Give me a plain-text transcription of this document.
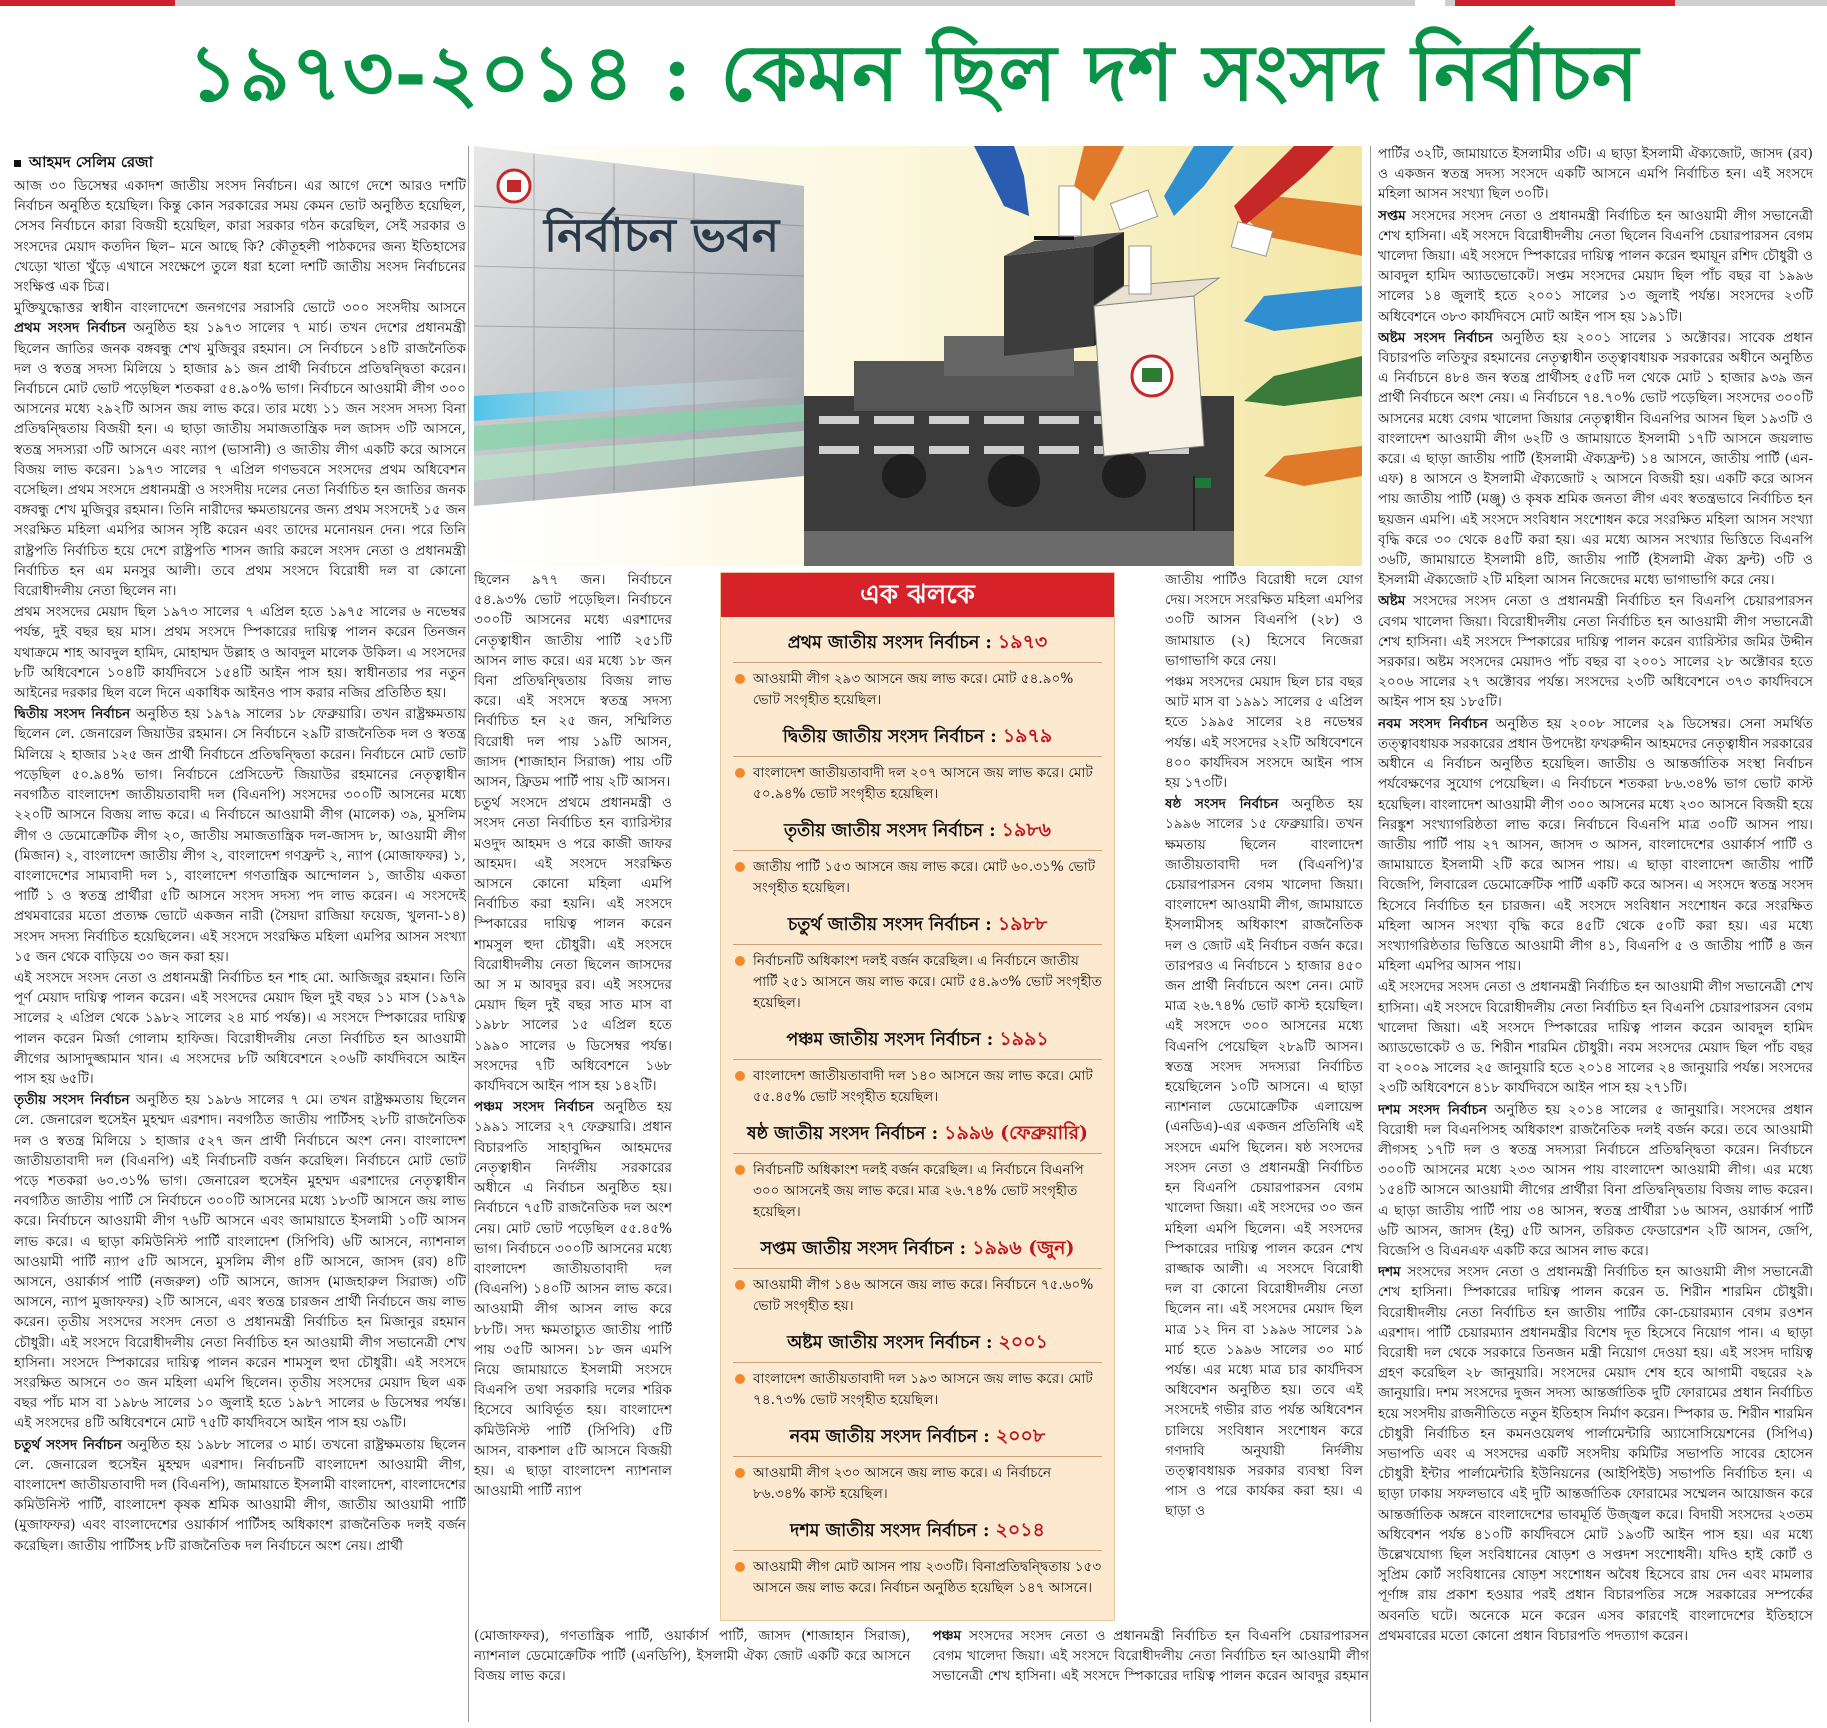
১৯৭৩-২০১৪ : কেমন ছিল দশ সংসদ নির্বাচন
আহমদ সেলিম রেজা

আজ ৩০ ডিসেম্বর একাদশ জাতীয় সংসদ নির্বাচন। এর আগে দেশে আরও দশটি নির্বাচন অনুষ্ঠিত হয়েছিল। কিন্তু কোন সরকারের সময় কেমন ভোট অনুষ্ঠিত হয়েছিল, সেসব নির্বাচনে কারা বিজয়ী হয়েছিল, কারা সরকার গঠন করেছিল, সেই সরকার ও সংসদের মেয়াদ কতদিন ছিল– মনে আছে কি? কৌতূহলী পাঠকদের জন্য ইতিহাসের খেড়ো খাতা খুঁড়ে এখানে সংক্ষেপে তুলে ধরা হলো দশটি জাতীয় সংসদ নির্বাচনের সংক্ষিপ্ত এক চিত্র।

মুক্তিযুদ্ধোত্তর স্বাধীন বাংলাদেশে জনগণের সরাসরি ভোটে ৩০০ সংসদীয় আসনে প্রথম সংসদ নির্বাচন অনুষ্ঠিত হয় ১৯৭৩ সালের ৭ মার্চ। তখন দেশের প্রধানমন্ত্রী ছিলেন জাতির জনক বঙ্গবন্ধু শেখ মুজিবুর রহমান। সে নির্বাচনে ১৪টি রাজনৈতিক দল ও স্বতন্ত্র সদস্য মিলিয়ে ১ হাজার ৯১ জন প্রার্থী নির্বাচনে প্রতিদ্বন্দ্বিতা করেন। নির্বাচনে মোট ভোট পড়েছিল শতকরা ৫৪.৯০% ভাগ। নির্বাচনে আওয়ামী লীগ ৩০০ আসনের মধ্যে ২৯২টি আসন জয় লাভ করে। তার মধ্যে ১১ জন সংসদ সদস্য বিনা প্রতিদ্বন্দ্বিতায় বিজয়ী হন। এ ছাড়া জাতীয় সমাজতান্ত্রিক দল জাসদ ৩টি আসনে, স্বতন্ত্র সদস্যরা ৩টি আসনে এবং ন্যাপ (ভাসানী) ও জাতীয় লীগ একটি করে আসনে বিজয় লাভ করেন। ১৯৭৩ সালের ৭ এপ্রিল গণভবনে সংসদের প্রথম অধিবেশন বসেছিল। প্রথম সংসদে প্রধানমন্ত্রী ও সংসদীয় দলের নেতা নির্বাচিত হন জাতির জনক বঙ্গবন্ধু শেখ মুজিবুর রহমান। তিনি নারীদের ক্ষমতায়নের জন্য প্রথম সংসদেই ১৫ জন সংরক্ষিত মহিলা এমপির আসন সৃষ্টি করেন এবং তাদের মনোনয়ন দেন। পরে তিনি রাষ্ট্রপতি নির্বাচিত হয়ে দেশে রাষ্ট্রপতি শাসন জারি করলে সংসদ নেতা ও প্রধানমন্ত্রী নির্বাচিত হন এম মনসুর আলী। তবে প্রথম সংসদে বিরোধী দল বা কোনো বিরোধীদলীয় নেতা ছিলেন না।

প্রথম সংসদের মেয়াদ ছিল ১৯৭৩ সালের ৭ এপ্রিল হতে ১৯৭৫ সালের ৬ নভেম্বর পর্যন্ত, দুই বছর ছয় মাস। প্রথম সংসদে স্পিকারের দায়িত্ব পালন করেন তিনজন যথাক্রমে শাহ আবদুল হামিদ, মোহাম্মদ উল্লাহ ও আবদুল মালেক উকিল। এ সংসদের ৮টি অধিবেশনে ১০৪টি কার্যদিবসে ১৫৪টি আইন পাস হয়। স্বাধীনতার পর নতুন আইনের দরকার ছিল বলে দিনে একাধিক আইনও পাস করার নজির প্রতিষ্ঠিত হয়।

দ্বিতীয় সংসদ নির্বাচন অনুষ্ঠিত হয় ১৯৭৯ সালের ১৮ ফেব্রুয়ারি। তখন রাষ্ট্রক্ষমতায় ছিলেন লে. জেনারেল জিয়াউর রহমান। সে নির্বাচনে ২৯টি রাজনৈতিক দল ও স্বতন্ত্র মিলিয়ে ২ হাজার ১২৫ জন প্রার্থী নির্বাচনে প্রতিদ্বন্দ্বিতা করেন। নির্বাচনে মোট ভোট পড়েছিল ৫০.৯৪% ভাগ। নির্বাচনে প্রেসিডেন্ট জিয়াউর রহমানের নেতৃত্বাধীন নবগঠিত বাংলাদেশ জাতীয়তাবাদী দল (বিএনপি) সংসদের ৩০০টি আসনের মধ্যে ২২০টি আসনে বিজয় লাভ করে। এ নির্বাচনে আওয়ামী লীগ (মালেক) ৩৯, মুসলিম লীগ ও ডেমোক্রেটিক লীগ ২০, জাতীয় সমাজতান্ত্রিক দল-জাসদ ৮, আওয়ামী লীগ (মিজান) ২, বাংলাদেশ জাতীয় লীগ ২, বাংলাদেশ গণফ্রন্ট ২, ন্যাপ (মোজাফফর) ১, বাংলাদেশের সাম্যবাদী দল ১, বাংলাদেশ গণতান্ত্রিক আন্দোলন ১, জাতীয় একতা পার্টি ১ ও স্বতন্ত্র প্রার্থীরা ৫টি আসনে সংসদ সদস্য পদ লাভ করেন। এ সংসদেই প্রথমবারের মতো প্রত্যক্ষ ভোটে একজন নারী (সৈয়দা রাজিয়া ফয়েজ, খুলনা-১৪) সংসদ সদস্য নির্বাচিত হয়েছিলেন। এই সংসদে সংরক্ষিত মহিলা এমপির আসন সংখ্যা ১৫ জন থেকে বাড়িয়ে ৩০ জন করা হয়।

এই সংসদে সংসদ নেতা ও প্রধানমন্ত্রী নির্বাচিত হন শাহ মো. আজিজুর রহমান। তিনি পূর্ণ মেয়াদ দায়িত্ব পালন করেন। এই সংসদের মেয়াদ ছিল দুই বছর ১১ মাস (১৯৭৯ সালের ২ এপ্রিল থেকে ১৯৮২ সালের ২৪ মার্চ পর্যন্ত)। এ সংসদে স্পিকারের দায়িত্ব পালন করেন মির্জা গোলাম হাফিজ। বিরোধীদলীয় নেতা নির্বাচিত হন আওয়ামী লীগের আসাদুজ্জামান খান। এ সংসদের ৮টি অধিবেশনে ২০৬টি কার্যদিবসে আইন পাস হয় ৬৫টি।

তৃতীয় সংসদ নির্বাচন অনুষ্ঠিত হয় ১৯৮৬ সালের ৭ মে। তখন রাষ্ট্রক্ষমতায় ছিলেন লে. জেনারেল হুসেইন মুহম্মদ এরশাদ। নবগঠিত জাতীয় পার্টিসহ ২৮টি রাজনৈতিক দল ও স্বতন্ত্র মিলিয়ে ১ হাজার ৫২৭ জন প্রার্থী নির্বাচনে অংশ নেন। বাংলাদেশ জাতীয়তাবাদী দল (বিএনপি) এই নির্বাচনটি বর্জন করেছিল। নির্বাচনে মোট ভোট পড়ে শতকরা ৬০.৩১% ভাগ। জেনারেল হুসেইন মুহম্মদ এরশাদের নেতৃত্বাধীন নবগঠিত জাতীয় পার্টি সে নির্বাচনে ৩০০টি আসনের মধ্যে ১৮৩টি আসনে জয় লাভ করে। নির্বাচনে আওয়ামী লীগ ৭৬টি আসনে এবং জামায়াতে ইসলামী ১০টি আসন লাভ করে। এ ছাড়া কমিউনিস্ট পার্টি বাংলাদেশ (সিপিবি) ৬টি আসনে, ন্যাশনাল আওয়ামী পার্টি ন্যাপ ৫টি আসনে, মুসলিম লীগ ৪টি আসনে, জাসদ (রব) ৪টি আসনে, ওয়ার্কার্স পার্টি (নজরুল) ৩টি আসনে, জাসদ (মাজহারুল সিরাজ) ৩টি আসনে, ন্যাপ মুজাফফর) ২টি আসনে, এবং স্বতন্ত্র চারজন প্রার্থী নির্বাচনে জয় লাভ করেন। তৃতীয় সংসদের সংসদ নেতা ও প্রধানমন্ত্রী নির্বাচিত হন মিজানুর রহমান চৌধুরী। এই সংসদে বিরোধীদলীয় নেতা নির্বাচিত হন আওয়ামী লীগ সভানেত্রী শেখ হাসিনা। সংসদে স্পিকারের দায়িত্ব পালন করেন শামসুল হুদা চৌধুরী। এই সংসদে সংরক্ষিত আসনে ৩০ জন মহিলা এমপি ছিলেন। তৃতীয় সংসদের মেয়াদ ছিল এক বছর পাঁচ মাস বা ১৯৮৬ সালের ১০ জুলাই হতে ১৯৮৭ সালের ৬ ডিসেম্বর পর্যন্ত। এই সংসদের ৪টি অধিবেশনে মোট ৭৫টি কার্যদিবসে আইন পাস হয় ৩৯টি।

চতুর্থ সংসদ নির্বাচন অনুষ্ঠিত হয় ১৯৮৮ সালের ৩ মার্চ। তখনো রাষ্ট্রক্ষমতায় ছিলেন লে. জেনারেল হুসেইন মুহম্মদ এরশাদ। নির্বাচনটি বাংলাদেশ আওয়ামী লীগ, বাংলাদেশ জাতীয়তাবাদী দল (বিএনপি), জামায়াতে ইসলামী বাংলাদেশ, বাংলাদেশের কমিউনিস্ট পার্টি, বাংলাদেশ কৃষক শ্রমিক আওয়ামী লীগ, জাতীয় আওয়ামী পার্টি (মুজাফফর) এবং বাংলাদেশের ওয়ার্কার্স পার্টিসহ অধিকাংশ রাজনৈতিক দলই বর্জন করেছিল। জাতীয় পার্টিসহ ৮টি রাজনৈতিক দল নির্বাচনে অংশ নেয়। প্রার্থী

নির্বাচন ভবন

ছিলেন ৯৭৭ জন। নির্বাচনে ৫৪.৯৩% ভোট পড়েছিল। নির্বাচনে ৩০০টি আসনের মধ্যে এরশাদের নেতৃত্বাধীন জাতীয় পার্টি ২৫১টি আসন লাভ করে। এর মধ্যে ১৮ জন বিনা প্রতিদ্বন্দ্বিতায় বিজয় লাভ করে। এই সংসদে স্বতন্ত্র সদস্য নির্বাচিত হন ২৫ জন, সম্মিলিত বিরোধী দল পায় ১৯টি আসন, জাসদ (শাজাহান সিরাজ) পায় ৩টি আসন, ফ্রিডম পার্টি পায় ২টি আসন।

চতুর্থ সংসদে প্রথমে প্রধানমন্ত্রী ও সংসদ নেতা নির্বাচিত হন ব্যারিস্টার মওদুদ আহমদ ও পরে কাজী জাফর আহমদ। এই সংসদে সংরক্ষিত আসনে কোনো মহিলা এমপি নির্বাচিত করা হয়নি। এই সংসদে স্পিকারের দায়িত্ব পালন করেন শামসুল হুদা চৌধুরী। এই সংসদে বিরোধীদলীয় নেতা ছিলেন জাসদের আ স ম আবদুর রব। এই সংসদের মেয়াদ ছিল দুই বছর সাত মাস বা ১৯৮৮ সালের ১৫ এপ্রিল হতে ১৯৯০ সালের ৬ ডিসেম্বর পর্যন্ত। সংসদের ৭টি অধিবেশনে ১৬৮ কার্যদিবসে আইন পাস হয় ১৪২টি।

পঞ্চম সংসদ নির্বাচন অনুষ্ঠিত হয় ১৯৯১ সালের ২৭ ফেব্রুয়ারি। প্রধান বিচারপতি সাহাবুদ্দিন আহমদের নেতৃত্বাধীন নির্দলীয় সরকারের অধীনে এ নির্বাচন অনুষ্ঠিত হয়। নির্বাচনে ৭৫টি রাজনৈতিক দল অংশ নেয়। মোট ভোট পড়েছিল ৫৫.৪৫% ভাগ। নির্বাচনে ৩০০টি আসনের মধ্যে বাংলাদেশ জাতীয়তাবাদী দল (বিএনপি) ১৪০টি আসন লাভ করে। আওয়ামী লীগ আসন লাভ করে ৮৮টি। সদ্য ক্ষমতাচ্যুত জাতীয় পার্টি পায় ৩৫টি আসন। ১৮ জন এমপি নিয়ে জামায়াতে ইসলামী সংসদে বিএনপি তথা সরকারি দলের শরিক হিসেবে আবির্ভূত হয়। বাংলাদেশ কমিউনিস্ট পার্টি (সিপিবি) ৫টি আসন, বাকশাল ৫টি আসনে বিজয়ী হয়। এ ছাড়া বাংলাদেশ ন্যাশনাল আওয়ামী পার্টি ন্যাপ

এক ঝলকে
প্রথম জাতীয় সংসদ নির্বাচন : ১৯৭৩
আওয়ামী লীগ ২৯৩ আসনে জয় লাভ করে। মোট ৫৪.৯০% ভোট সংগৃহীত হয়েছিল।
দ্বিতীয় জাতীয় সংসদ নির্বাচন : ১৯৭৯
বাংলাদেশ জাতীয়তাবাদী দল ২০৭ আসনে জয় লাভ করে। মোট ৫০.৯৪% ভোট সংগৃহীত হয়েছিল।
তৃতীয় জাতীয় সংসদ নির্বাচন : ১৯৮৬
জাতীয় পার্টি ১৫৩ আসনে জয় লাভ করে। মোট ৬০.৩১% ভোট সংগৃহীত হয়েছিল।
চতুর্থ জাতীয় সংসদ নির্বাচন : ১৯৮৮
নির্বাচনটি অধিকাংশ দলই বর্জন করেছিল। এ নির্বাচনে জাতীয় পার্টি ২৫১ আসনে জয় লাভ করে। মোট ৫৪.৯৩% ভোট সংগৃহীত হয়েছিল।
পঞ্চম জাতীয় সংসদ নির্বাচন : ১৯৯১
বাংলাদেশ জাতীয়তাবাদী দল ১৪০ আসনে জয় লাভ করে। মোট ৫৫.৪৫% ভোট সংগৃহীত হয়েছিল।
ষষ্ঠ জাতীয় সংসদ নির্বাচন : ১৯৯৬ (ফেব্রুয়ারি)
নির্বাচনটি অধিকাংশ দলই বর্জন করেছিল। এ নির্বাচনে বিএনপি ৩০০ আসনেই জয় লাভ করে। মাত্র ২৬.৭৪% ভোট সংগৃহীত হয়েছিল।
সপ্তম জাতীয় সংসদ নির্বাচন : ১৯৯৬ (জুন)
আওয়ামী লীগ ১৪৬ আসনে জয় লাভ করে। নির্বাচনে ৭৫.৬০% ভোট সংগৃহীত হয়।
অষ্টম জাতীয় সংসদ নির্বাচন : ২০০১
বাংলাদেশ জাতীয়তাবাদী দল ১৯৩ আসনে জয় লাভ করে। মোট ৭৪.৭৩% ভোট সংগৃহীত হয়েছিল।
নবম জাতীয় সংসদ নির্বাচন : ২০০৮
আওয়ামী লীগ ২৩০ আসনে জয় লাভ করে। এ নির্বাচনে ৮৬.৩৪% কাস্ট হয়েছিল।
দশম জাতীয় সংসদ নির্বাচন : ২০১৪
আওয়ামী লীগ মোট আসন পায় ২৩৩টি। বিনাপ্রতিদ্বন্দ্বিতায় ১৫৩ আসনে জয় লাভ করে। নির্বাচন অনুষ্ঠিত হয়েছিল ১৪৭ আসনে।

জাতীয় পার্টিও বিরোধী দলে যোগ দেয়। সংসদে সংরক্ষিত মহিলা এমপির ৩০টি আসন বিএনপি (২৮) ও জামায়াত (২) হিসেবে নিজেরা ভাগাভাগি করে নেয়।

পঞ্চম সংসদের মেয়াদ ছিল চার বছর আট মাস বা ১৯৯১ সালের ৫ এপ্রিল হতে ১৯৯৫ সালের ২৪ নভেম্বর পর্যন্ত। এই সংসদের ২২টি অধিবেশনে ৪০০ কার্যদিবস সংসদে আইন পাস হয় ১৭৩টি।

ষষ্ঠ সংসদ নির্বাচন অনুষ্ঠিত হয় ১৯৯৬ সালের ১৫ ফেব্রুয়ারি। তখন ক্ষমতায় ছিলেন বাংলাদেশ জাতীয়তাবাদী দল (বিএনপি)'র চেয়ারপারসন বেগম খালেদা জিয়া। বাংলাদেশ আওয়ামী লীগ, জামায়াতে ইসলামীসহ অধিকাংশ রাজনৈতিক দল ও জোট এই নির্বাচন বর্জন করে। তারপরও এ নির্বাচনে ১ হাজার ৪৫০ জন প্রার্থী নির্বাচনে অংশ নেন। মোট মাত্র ২৬.৭৪% ভোট কাস্ট হয়েছিল। এই সংসদে ৩০০ আসনের মধ্যে বিএনপি পেয়েছিল ২৮৯টি আসন। স্বতন্ত্র সংসদ সদস্যরা নির্বাচিত হয়েছিলেন ১০টি আসনে। এ ছাড়া ন্যাশনাল ডেমোক্রেটিক এলায়েন্স (এনডিএ)-এর একজন প্রতিনিধি এই সংসদে এমপি ছিলেন। ষষ্ঠ সংসদের সংসদ নেতা ও প্রধানমন্ত্রী নির্বাচিত হন বিএনপি চেয়ারপারসন বেগম খালেদা জিয়া। এই সংসদের ৩০ জন মহিলা এমপি ছিলেন। এই সংসদের স্পিকারের দায়িত্ব পালন করেন শেখ রাজ্জাক আলী। এ সংসদে বিরোধী দল বা কোনো বিরোধীদলীয় নেতা ছিলেন না। এই সংসদের মেয়াদ ছিল মাত্র ১২ দিন বা ১৯৯৬ সালের ১৯ মার্চ হতে ১৯৯৬ সালের ৩০ মার্চ পর্যন্ত। এর মধ্যে মাত্র চার কার্যদিবস অধিবেশন অনুষ্ঠিত হয়। তবে এই সংসদেই গভীর রাত পর্যন্ত অধিবেশন চালিয়ে সংবিধান সংশোধন করে গণদাবি অনুযায়ী নির্দলীয় তত্ত্বাবধায়ক সরকার ব্যবস্থা বিল পাস ও পরে কার্যকর করা হয়। এ ছাড়া ও

(মোজাফফর), গণতান্ত্রিক পার্টি, ওয়ার্কার্স পার্টি, জাসদ (শাজাহান সিরাজ), ন্যাশনাল ডেমোক্রেটিক পার্টি (এনডিপি), ইসলামী ঐক্য জোট একটি করে আসনে বিজয় লাভ করে।

পঞ্চম সংসদের সংসদ নেতা ও প্রধানমন্ত্রী নির্বাচিত হন বিএনপি চেয়ারপারসন বেগম খালেদা জিয়া। এই সংসদে বিরোধীদলীয় নেতা নির্বাচিত হন আওয়ামী লীগ সভানেত্রী শেখ হাসিনা। এই সংসদে স্পিকারের দায়িত্ব পালন করেন আবদুর রহমান

পার্টির ৩২টি, জামায়াতে ইসলামীর ৩টি। এ ছাড়া ইসলামী ঐক্যজোট, জাসদ (রব) ও একজন স্বতন্ত্র সদস্য সংসদে একটি আসনে এমপি নির্বাচিত হন। এই সংসদে মহিলা আসন সংখ্যা ছিল ৩০টি।

সপ্তম সংসদের সংসদ নেতা ও প্রধানমন্ত্রী নির্বাচিত হন আওয়ামী লীগ সভানেত্রী শেখ হাসিনা। এই সংসদে বিরোধীদলীয় নেতা ছিলেন বিএনপি চেয়ারপারসন বেগম খালেদা জিয়া। এই সংসদে স্পিকারের দায়িত্ব পালন করেন হুমায়ূন রশিদ চৌধুরী ও আবদুল হামিদ অ্যাডভোকেট। সপ্তম সংসদের মেয়াদ ছিল পাঁচ বছর বা ১৯৯৬ সালের ১৪ জুলাই হতে ২০০১ সালের ১৩ জুলাই পর্যন্ত। সংসদের ২৩টি অধিবেশনে ৩৮৩ কার্যদিবসে মোট আইন পাস হয় ১৯১টি।

অষ্টম সংসদ নির্বাচন অনুষ্ঠিত হয় ২০০১ সালের ১ অক্টোবর। সাবেক প্রধান বিচারপতি লতিফুর রহমানের নেতৃত্বাধীন তত্ত্বাবধায়ক সরকারের অধীনে অনুষ্ঠিত এ নির্বাচনে ৪৮৪ জন স্বতন্ত্র প্রার্থীসহ ৫৫টি দল থেকে মোট ১ হাজার ৯৩৯ জন প্রার্থী নির্বাচনে অংশ নেয়। এ নির্বাচনে ৭৪.৭০% ভোট পড়েছিল। সংসদের ৩০০টি আসনের মধ্যে বেগম খালেদা জিয়ার নেতৃত্বাধীন বিএনপির আসন ছিল ১৯৩টি ও বাংলাদেশ আওয়ামী লীগ ৬২টি ও জামায়াতে ইসলামী ১৭টি আসনে জয়লাভ করে। এ ছাড়া জাতীয় পার্টি (ইসলামী ঐক্যফ্রন্ট) ১৪ আসনে, জাতীয় পার্টি (এন-এফ) ৪ আসনে ও ইসলামী ঐক্যজোট ২ আসনে বিজয়ী হয়। একটি করে আসন পায় জাতীয় পার্টি (মঞ্জু) ও কৃষক শ্রমিক জনতা লীগ এবং স্বতন্ত্রভাবে নির্বাচিত হন ছয়জন এমপি। এই সংসদে সংবিধান সংশোধন করে সংরক্ষিত মহিলা আসন সংখ্যা বৃদ্ধি করে ৩০ থেকে ৪৫টি করা হয়। এর মধ্যে আসন সংখ্যার ভিত্তিতে বিএনপি ৩৬টি, জামায়াতে ইসলামী ৪টি, জাতীয় পার্টি (ইসলামী ঐক্য ফ্রন্ট) ৩টি ও ইসলামী ঐক্যজোট ২টি মহিলা আসন নিজেদের মধ্যে ভাগাভাগি করে নেয়।

অষ্টম সংসদের সংসদ নেতা ও প্রধানমন্ত্রী নির্বাচিত হন বিএনপি চেয়ারপারসন বেগম খালেদা জিয়া। বিরোধীদলীয় নেতা নির্বাচিত হন আওয়ামী লীগ সভানেত্রী শেখ হাসিনা। এই সংসদে স্পিকারের দায়িত্ব পালন করেন ব্যারিস্টার জমির উদ্দীন সরকার। অষ্টম সংসদের মেয়াদও পাঁচ বছর বা ২০০১ সালের ২৮ অক্টোবর হতে ২০০৬ সালের ২৭ অক্টোবর পর্যন্ত। সংসদের ২৩টি অধিবেশনে ৩৭৩ কার্যদিবসে আইন পাস হয় ১৮৫টি।

নবম সংসদ নির্বাচন অনুষ্ঠিত হয় ২০০৮ সালের ২৯ ডিসেম্বর। সেনা সমর্থিত তত্ত্বাবধায়ক সরকারের প্রধান উপদেষ্টা ফখরুদ্দীন আহমদের নেতৃত্বাধীন সরকারের অধীনে এ নির্বাচন অনুষ্ঠিত হয়েছিল। জাতীয় ও আন্তর্জাতিক সংস্থা নির্বাচন পর্যবেক্ষণের সুযোগ পেয়েছিল। এ নির্বাচনে শতকরা ৮৬.৩৪% ভাগ ভোট কাস্ট হয়েছিল। বাংলাদেশ আওয়ামী লীগ ৩০০ আসনের মধ্যে ২৩০ আসনে বিজয়ী হয়ে নিরঙ্কুশ সংখ্যাগরিষ্ঠতা লাভ করে। নির্বাচনে বিএনপি মাত্র ৩০টি আসন পায়। জাতীয় পার্টি পায় ২৭ আসন, জাসদ ৩ আসন, বাংলাদেশের ওয়ার্কার্স পার্টি ও জামায়াতে ইসলামী ২টি করে আসন পায়। এ ছাড়া বাংলাদেশ জাতীয় পার্টি বিজেপি, লিবারেল ডেমোক্রেটিক পার্টি একটি করে আসন। এ সংসদে স্বতন্ত্র সংসদ হিসেবে নির্বাচিত হন চারজন। এই সংসদে সংবিধান সংশোধন করে সংরক্ষিত মহিলা আসন সংখ্যা বৃদ্ধি করে ৪৫টি থেকে ৫০টি করা হয়। এর মধ্যে সংখ্যাগরিষ্ঠতার ভিত্তিতে আওয়ামী লীগ ৪১, বিএনপি ৫ ও জাতীয় পার্টি ৪ জন মহিলা এমপির আসন পায়।

এই সংসদের সংসদ নেতা ও প্রধানমন্ত্রী নির্বাচিত হন আওয়ামী লীগ সভানেত্রী শেখ হাসিনা। এই সংসদে বিরোধীদলীয় নেতা নির্বাচিত হন বিএনপি চেয়ারপারসন বেগম খালেদা জিয়া। এই সংসদে স্পিকারের দায়িত্ব পালন করেন আবদুল হামিদ অ্যাডভোকেট ও ড. শিরীন শারমিন চৌধুরী। নবম সংসদের মেয়াদ ছিল পাঁচ বছর বা ২০০৯ সালের ২৫ জানুয়ারি হতে ২০১৪ সালের ২৪ জানুয়ারি পর্যন্ত। সংসদের ২৩টি অধিবেশনে ৪১৮ কার্যদিবসে আইন পাস হয় ২৭১টি।

দশম সংসদ নির্বাচন অনুষ্ঠিত হয় ২০১৪ সালের ৫ জানুয়ারি। সংসদের প্রধান বিরোধী দল বিএনপিসহ অধিকাংশ রাজনৈতিক দলই বর্জন করে। তবে আওয়ামী লীগসহ ১৭টি দল ও স্বতন্ত্র সদস্যরা নির্বাচনে প্রতিদ্বন্দ্বিতা করেন। নির্বাচনে ৩০০টি আসনের মধ্যে ২৩৩ আসন পায় বাংলাদেশ আওয়ামী লীগ। এর মধ্যে ১৫৪টি আসনে আওয়ামী লীগের প্রার্থীরা বিনা প্রতিদ্বন্দ্বিতায় বিজয় লাভ করেন। এ ছাড়া জাতীয় পার্টি পায় ৩৪ আসন, স্বতন্ত্র প্রার্থীরা ১৬ আসন, ওয়ার্কার্স পার্টি ৬টি আসন, জাসদ (ইনু) ৫টি আসন, তরিকত ফেডারেশন ২টি আসন, জেপি, বিজেপি ও বিএনএফ একটি করে আসন লাভ করে।

দশম সংসদের সংসদ নেতা ও প্রধানমন্ত্রী নির্বাচিত হন আওয়ামী লীগ সভানেত্রী শেখ হাসিনা। স্পিকারের দায়িত্ব পালন করেন ড. শিরীন শারমিন চৌধুরী। বিরোধীদলীয় নেতা নির্বাচিত হন জাতীয় পার্টির কো-চেয়ারম্যান বেগম রওশন এরশাদ। পার্টি চেয়ারম্যান প্রধানমন্ত্রীর বিশেষ দূত হিসেবে নিয়োগ পান। এ ছাড়া বিরোধী দল থেকে সরকারে তিনজন মন্ত্রী নিয়োগ দেওয়া হয়। এই সংসদ দায়িত্ব গ্রহণ করেছিল ২৮ জানুয়ারি। সংসদের মেয়াদ শেষ হবে আগামী বছরের ২৯ জানুয়ারি। দশম সংসদের দুজন সদস্য আন্তর্জাতিক দুটি ফোরামের প্রধান নির্বাচিত হয়ে সংসদীয় রাজনীতিতে নতুন ইতিহাস নির্মাণ করেন। স্পিকার ড. শিরীন শারমিন চৌধুরী নির্বাচিত হন কমনওয়েলথ পার্লামেন্টারি অ্যাসোসিয়েশনের (সিপিএ) সভাপতি এবং এ সংসদের একটি সংসদীয় কমিটির সভাপতি সাবের হোসেন চৌধুরী ইন্টার পার্লামেন্টারি ইউনিয়নের (আইপিইউ) সভাপতি নির্বাচিত হন। এ ছাড়া ঢাকায় সফলভাবে এই দুটি আন্তর্জাতিক ফোরামের সম্মেলন আয়োজন করে আন্তর্জাতিক অঙ্গনে বাংলাদেশের ভাবমূর্তি উজ্জ্বল করে। বিদায়ী সংসদের ২৩তম অধিবেশন পর্যন্ত ৪১০টি কার্যদিবসে মোট ১৯৩টি আইন পাস হয়। এর মধ্যে উল্লেখযোগ্য ছিল সংবিধানের ষোড়শ ও সপ্তদশ সংশোধনী। যদিও হাই কোর্ট ও সুপ্রিম কোর্ট সংবিধানের ষোড়শ সংশোধন অবৈধ হিসেবে রায় দেন এবং মামলার পূর্ণাঙ্গ রায় প্রকাশ হওয়ার পরই প্রধান বিচারপতির সঙ্গে সরকারের সম্পর্কের অবনতি ঘটে। অনেকে মনে করেন এসব কারণেই বাংলাদেশের ইতিহাসে প্রথমবারের মতো কোনো প্রধান বিচারপতি পদত্যাগ করেন।
